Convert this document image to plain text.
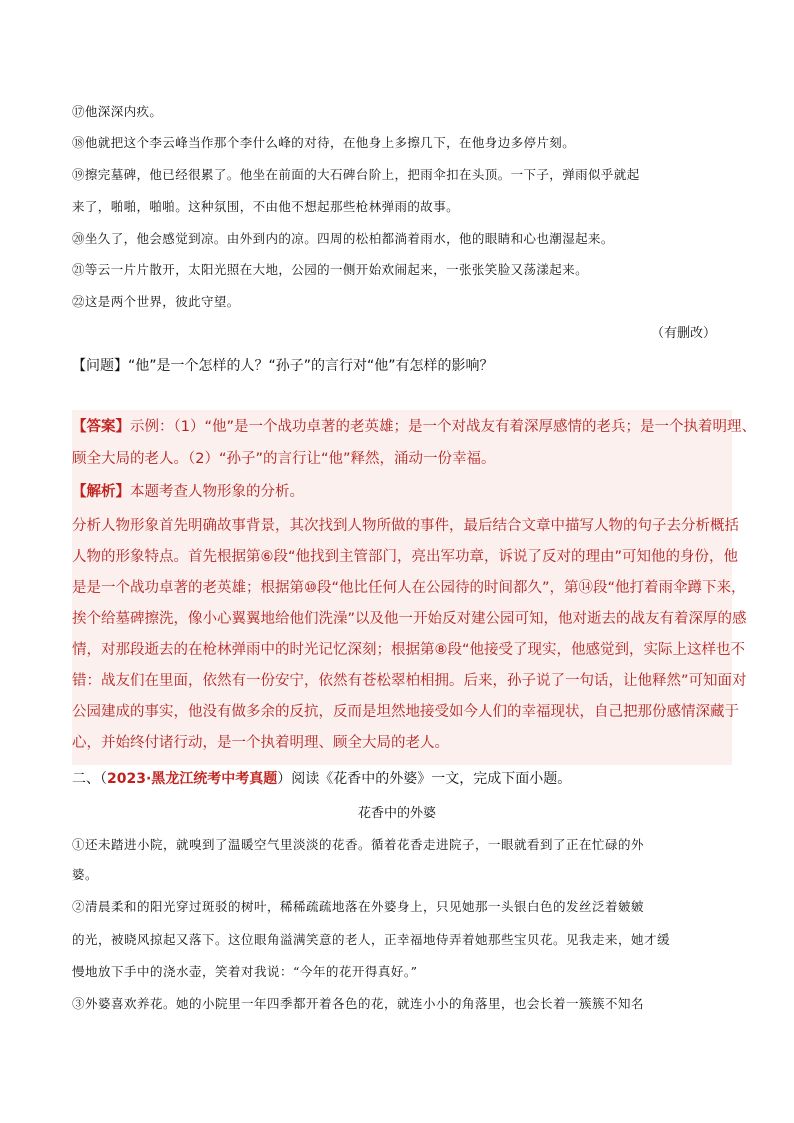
⑰他深深内疚。
⑱他就把这个李云峰当作那个李什么峰的对待，在他身上多擦几下，在他身边多停片刻。
⑲擦完墓碑，他已经很累了。他坐在前面的大石碑台阶上，把雨伞扣在头顶。一下子，弹雨似乎就起
来了，啪啪，啪啪。这种氛围，不由他不想起那些枪林弹雨的故事。
⑳坐久了，他会感觉到凉。由外到内的凉。四周的松柏都淌着雨水，他的眼睛和心也潮湿起来。
㉑等云一片片散开，太阳光照在大地，公园的一侧开始欢闹起来，一张张笑脸又荡漾起来。
㉒这是两个世界，彼此守望。
（有删改）
【问题】“他”是一个怎样的人？“孙子”的言行对“他”有怎样的影响？
【答案】示例：（1）“他”是一个战功卓著的老英雄；是一个对战友有着深厚感情的老兵；是一个执着明理、
顾全大局的老人。（2）“孙子”的言行让“他”释然，涌动一份幸福。
【解析】本题考查人物形象的分析。
分析人物形象首先明确故事背景，其次找到人物所做的事件，最后结合文章中描写人物的句子去分析概括
人物的形象特点。首先根据第⑥段“他找到主管部门，亮出军功章，诉说了反对的理由”可知他的身份，他
是是一个战功卓著的老英雄；根据第⑩段“他比任何人在公园待的时间都久”，第⑭段“他打着雨伞蹲下来，
挨个给墓碑擦洗，像小心翼翼地给他们洗澡”以及他一开始反对建公园可知，他对逝去的战友有着深厚的感
情，对那段逝去的在枪林弹雨中的时光记忆深刻；根据第⑧段“他接受了现实，他感觉到，实际上这样也不
错：战友们在里面，依然有一份安宁，依然有苍松翠柏相拥。后来，孙子说了一句话，让他释然”可知面对
公园建成的事实，他没有做多余的反抗，反而是坦然地接受如今人们的幸福现状，自己把那份感情深藏于
心，并始终付诸行动，是一个执着明理、顾全大局的老人。
二、（2023·黑龙江统考中考真题）阅读《花香中的外婆》一文，完成下面小题。
花香中的外婆
①还未踏进小院，就嗅到了温暖空气里淡淡的花香。循着花香走进院子，一眼就看到了正在忙碌的外
婆。
②清晨柔和的阳光穿过斑驳的树叶，稀稀疏疏地落在外婆身上，只见她那一头银白色的发丝泛着皴皴
的光，被晓风掠起又落下。这位眼角溢满笑意的老人，正幸福地侍弄着她那些宝贝花。见我走来，她才缓
慢地放下手中的浇水壶，笑着对我说：“今年的花开得真好。”
③外婆喜欢养花。她的小院里一年四季都开着各色的花，就连小小的角落里，也会长着一簇簇不知名
